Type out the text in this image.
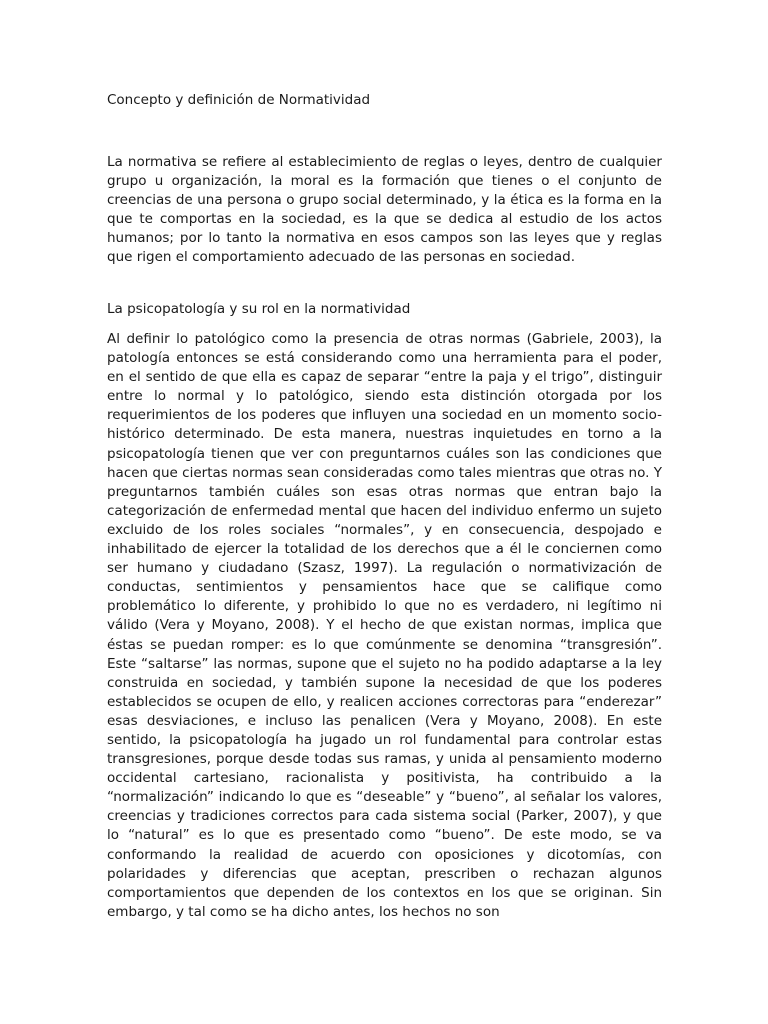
Concepto y definición de Normatividad

La normativa se refiere al establecimiento de reglas o leyes, dentro de cualquier grupo u organización, la moral es la formación que tienes o el conjunto de creencias de una persona o grupo social determinado, y la ética es la forma en la que te comportas en la sociedad, es la que se dedica al estudio de los actos humanos; por lo tanto la normativa en esos campos son las leyes que y reglas que rigen el comportamiento adecuado de las personas en sociedad.

La psicopatología y su rol en la normatividad

Al definir lo patológico como la presencia de otras normas (Gabriele, 2003), la patología entonces se está considerando como una herramienta para el poder, en el sentido de que ella es capaz de separar “entre la paja y el trigo”, distinguir entre lo normal y lo patológico, siendo esta distinción otorgada por los requerimientos de los poderes que influyen una sociedad en un momento socio-histórico determinado. De esta manera, nuestras inquietudes en torno a la psicopatología tienen que ver con preguntarnos cuáles son las condiciones que hacen que ciertas normas sean consideradas como tales mientras que otras no. Y preguntarnos también cuáles son esas otras normas que entran bajo la categorización de enfermedad mental que hacen del individuo enfermo un sujeto excluido de los roles sociales “normales”, y en consecuencia, despojado e inhabilitado de ejercer la totalidad de los derechos que a él le conciernen como ser humano y ciudadano (Szasz, 1997). La regulación o normativización de conductas, sentimientos y pensamientos hace que se califique como problemático lo diferente, y prohibido lo que no es verdadero, ni legítimo ni válido (Vera y Moyano, 2008). Y el hecho de que existan normas, implica que éstas se puedan romper: es lo que comúnmente se denomina “transgresión”. Este “saltarse” las normas, supone que el sujeto no ha podido adaptarse a la ley construida en sociedad, y también supone la necesidad de que los poderes establecidos se ocupen de ello, y realicen acciones correctoras para “enderezar” esas desviaciones, e incluso las penalicen (Vera y Moyano, 2008). En este sentido, la psicopatología ha jugado un rol fundamental para controlar estas transgresiones, porque desde todas sus ramas, y unida al pensamiento moderno occidental cartesiano, racionalista y positivista, ha contribuido a la “normalización” indicando lo que es “deseable” y “bueno”, al señalar los valores, creencias y tradiciones correctos para cada sistema social (Parker, 2007), y que lo “natural” es lo que es presentado como “bueno”. De este modo, se va conformando la realidad de acuerdo con oposiciones y dicotomías, con polaridades y diferencias que aceptan, prescriben o rechazan algunos comportamientos que dependen de los contextos en los que se originan. Sin embargo, y tal como se ha dicho antes, los hechos no son
